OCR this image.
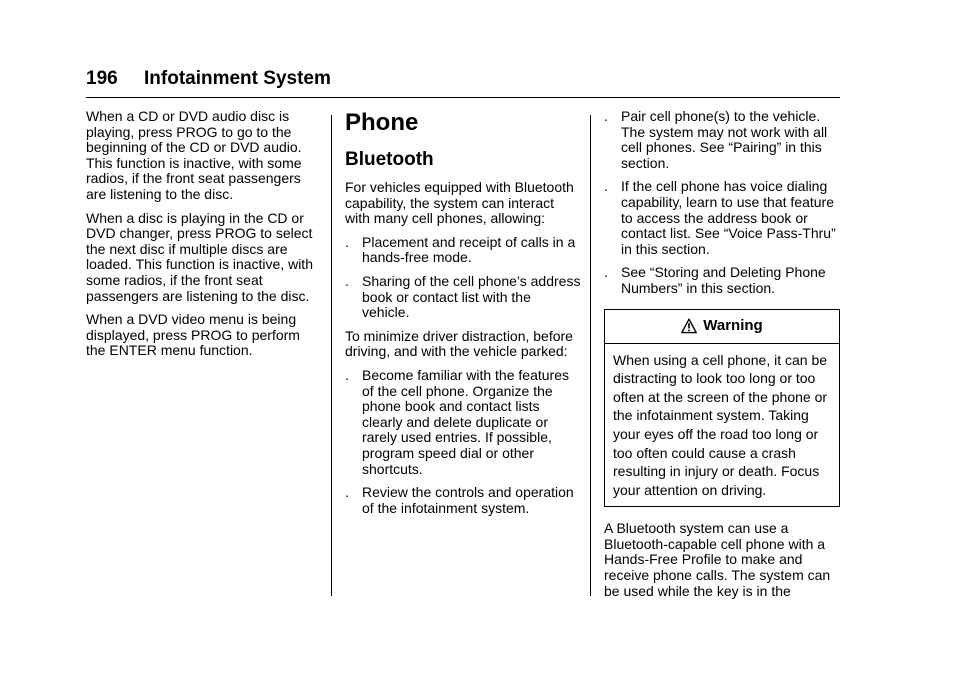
196 Infotainment System

When a CD or DVD audio disc is playing, press PROG to go to the beginning of the CD or DVD audio. This function is inactive, with some radios, if the front seat passengers are listening to the disc.

When a disc is playing in the CD or DVD changer, press PROG to select the next disc if multiple discs are loaded. This function is inactive, with some radios, if the front seat passengers are listening to the disc.

When a DVD video menu is being displayed, press PROG to perform the ENTER menu function.

Phone
Bluetooth

For vehicles equipped with Bluetooth capability, the system can interact with many cell phones, allowing:

. Placement and receipt of calls in a hands-free mode.
. Sharing of the cell phone’s address book or contact list with the vehicle.

To minimize driver distraction, before driving, and with the vehicle parked:

. Become familiar with the features of the cell phone. Organize the phone book and contact lists clearly and delete duplicate or rarely used entries. If possible, program speed dial or other shortcuts.
. Review the controls and operation of the infotainment system.
. Pair cell phone(s) to the vehicle. The system may not work with all cell phones. See “Pairing” in this section.
. If the cell phone has voice dialing capability, learn to use that feature to access the address book or contact list. See “Voice Pass-Thru” in this section.
. See “Storing and Deleting Phone Numbers” in this section.
Warning
When using a cell phone, it can be distracting to look too long or too often at the screen of the phone or the infotainment system. Taking your eyes off the road too long or too often could cause a crash resulting in injury or death. Focus your attention on driving.

A Bluetooth system can use a Bluetooth-capable cell phone with a Hands-Free Profile to make and receive phone calls. The system can be used while the key is in the
